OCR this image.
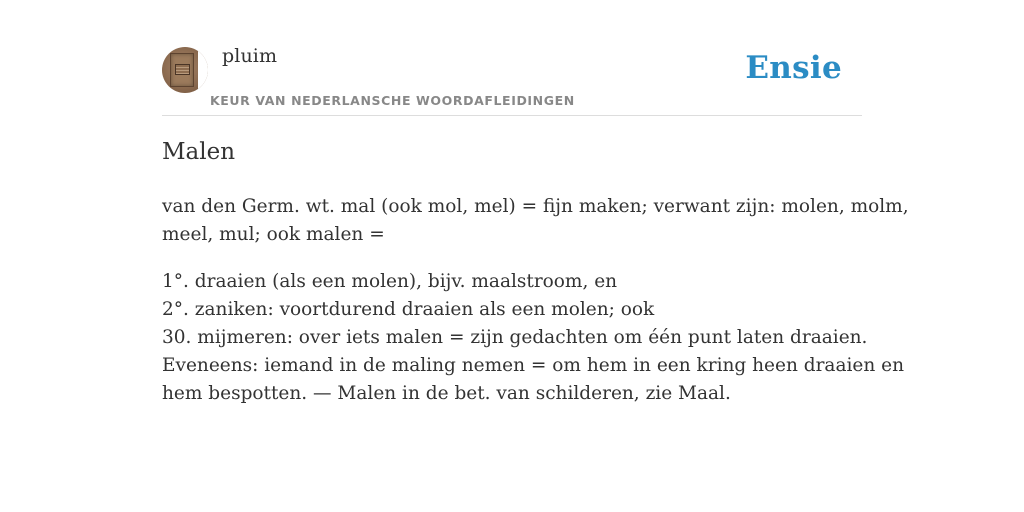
pluim
KEUR VAN NEDERLANSCHE WOORDAFLEIDINGEN
Ensie
Malen

van den Germ. wt. mal (ook mol, mel) = fijn maken; verwant zijn: molen, molm,
meel, mul; ook malen =

1°. draaien (als een molen), bijv. maalstroom, en
2°. zaniken: voortdurend draaien als een molen; ook
30. mijmeren: over iets malen = zijn gedachten om één punt laten draaien.
Eveneens: iemand in de maling nemen = om hem in een kring heen draaien en
hem bespotten. — Malen in de bet. van schilderen, zie Maal.
